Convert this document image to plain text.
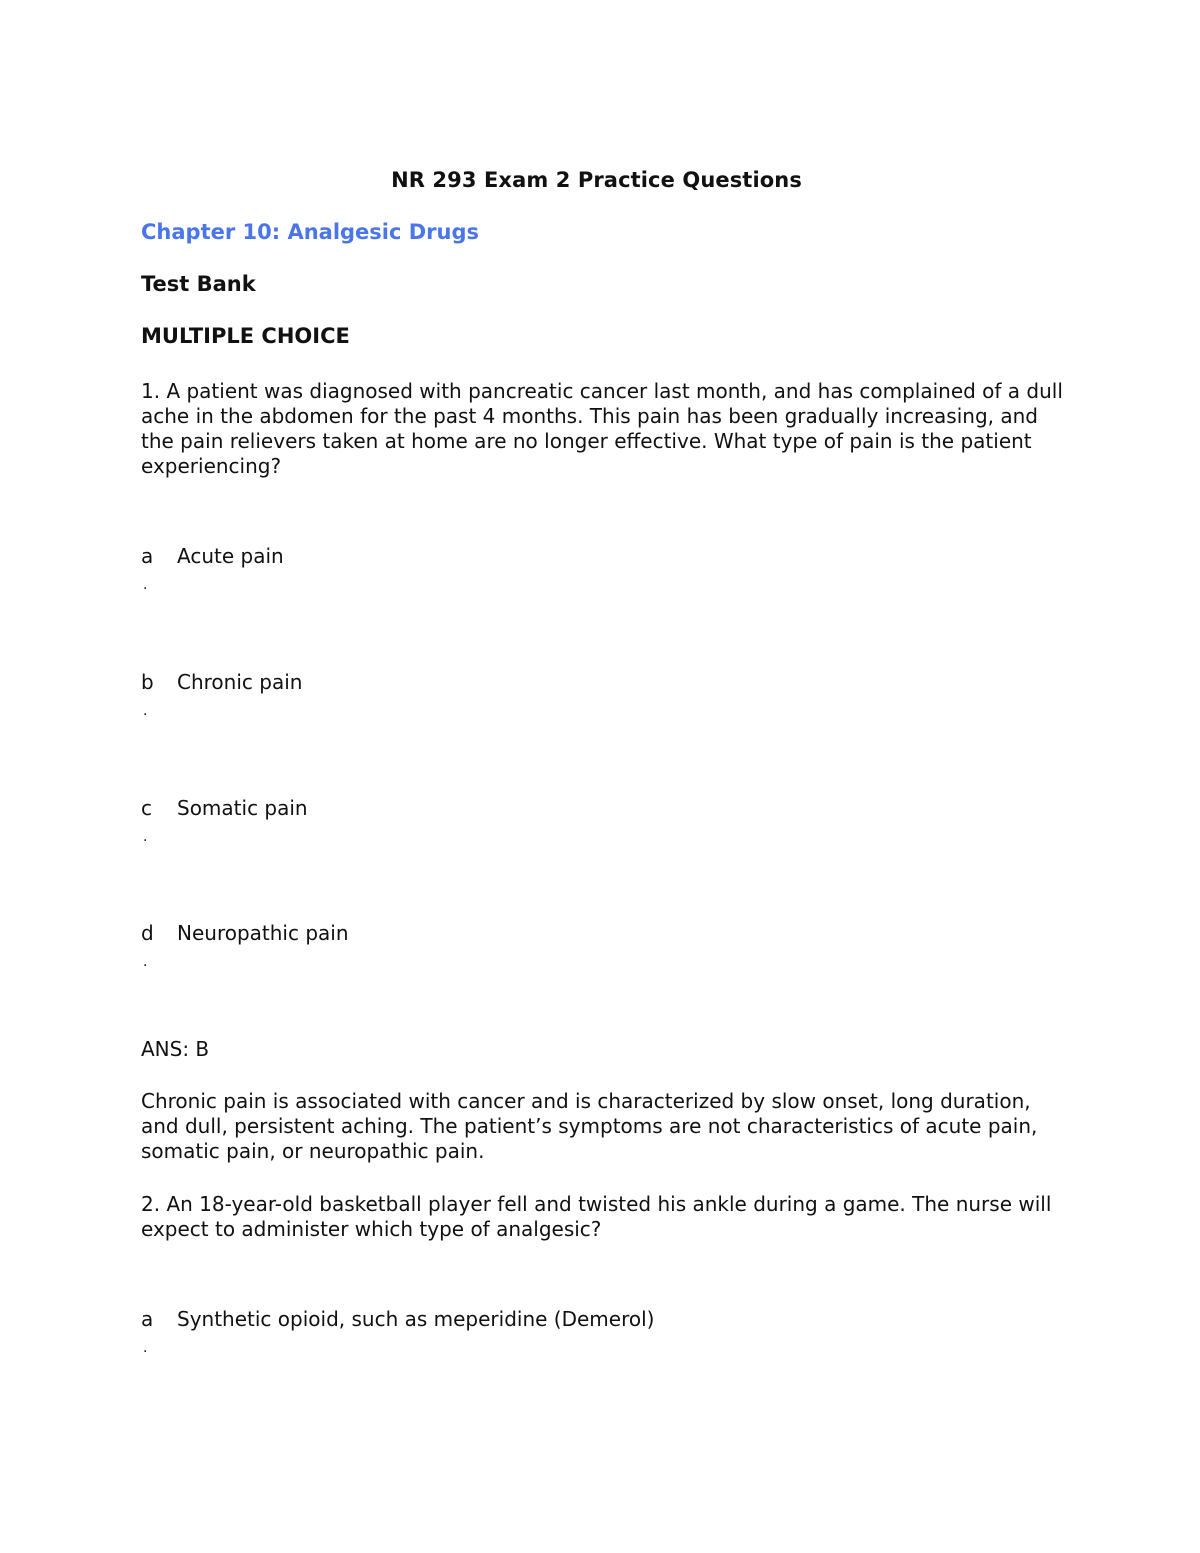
NR 293 Exam 2 Practice Questions
Chapter 10: Analgesic Drugs
Test Bank
MULTIPLE CHOICE

1. A patient was diagnosed with pancreatic cancer last month, and has complained of a dull ache in the abdomen for the past 4 months. This pain has been gradually increasing, and the pain relievers taken at home are no longer effective. What type of pain is the patient experiencing?

a Acute pain
.
b Chronic pain
.
c Somatic pain
.
d Neuropathic pain
.
ANS: B

Chronic pain is associated with cancer and is characterized by slow onset, long duration, and dull, persistent aching. The patient’s symptoms are not characteristics of acute pain, somatic pain, or neuropathic pain.

2. An 18-year-old basketball player fell and twisted his ankle during a game. The nurse will expect to administer which type of analgesic?

a Synthetic opioid, such as meperidine (Demerol)
.
